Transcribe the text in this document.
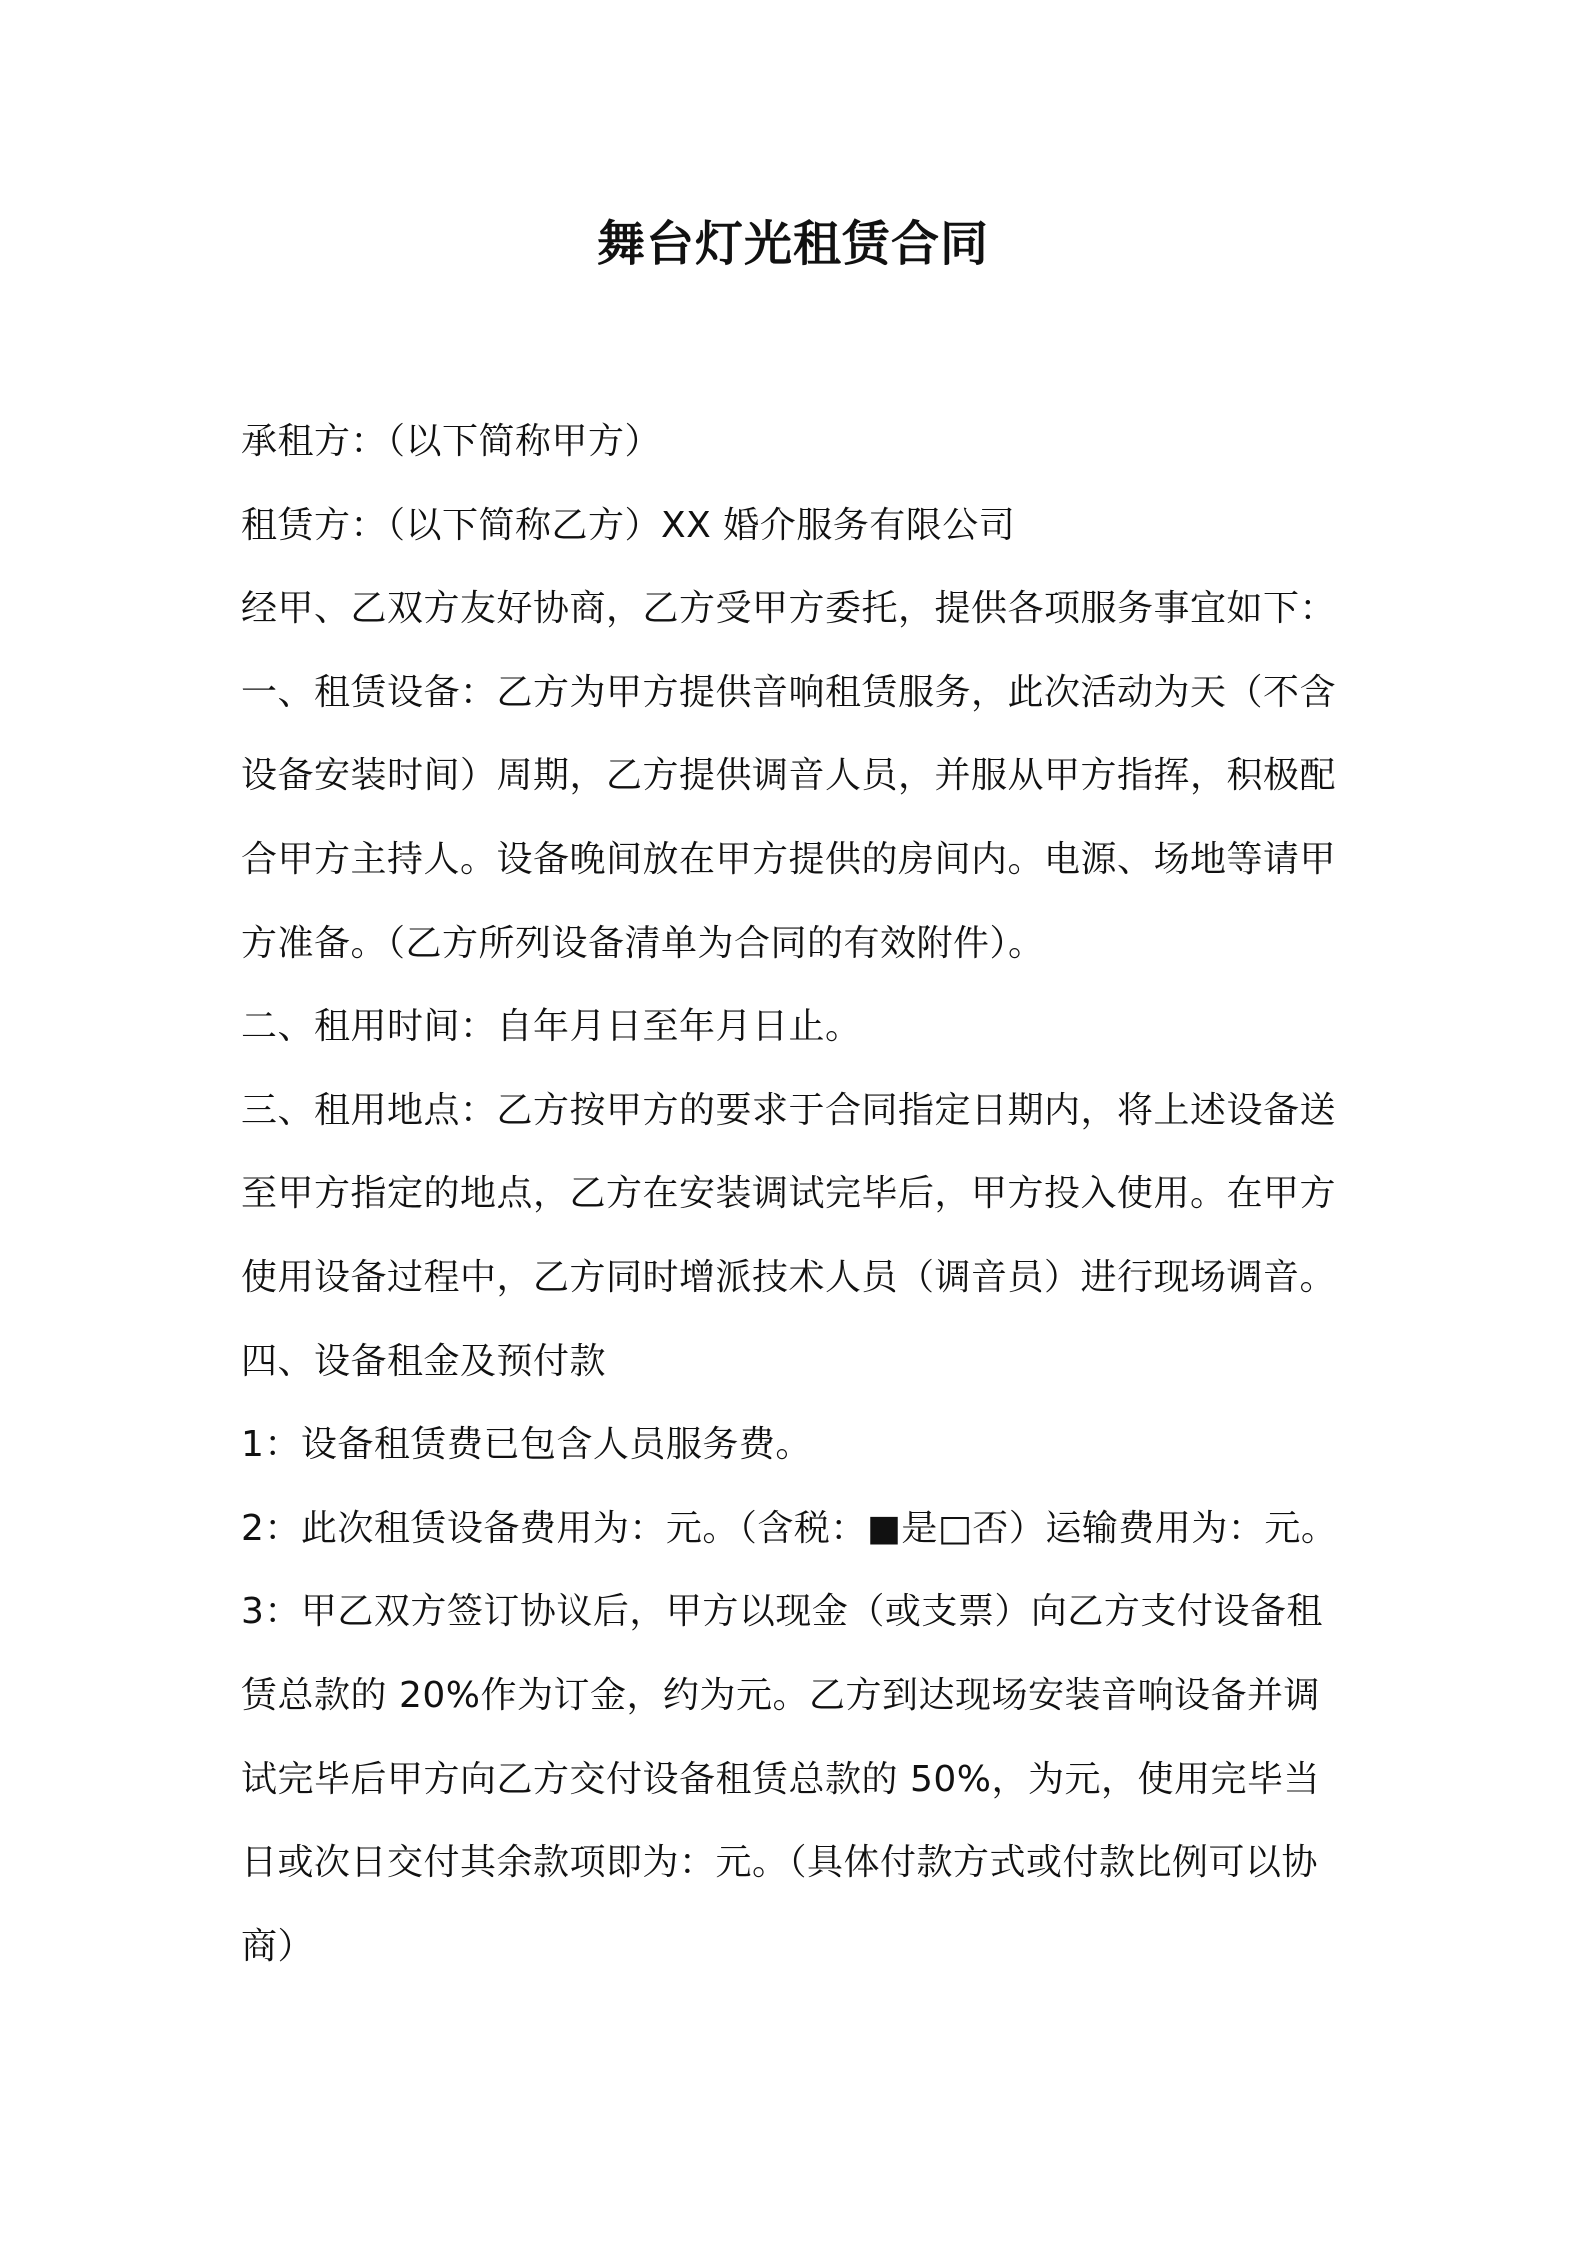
舞台灯光租赁合同
承租方：（以下简称甲方）
租赁方：（以下简称乙方）XX 婚介服务有限公司
经甲、乙双方友好协商，乙方受甲方委托，提供各项服务事宜如下：
一、租赁设备：乙方为甲方提供音响租赁服务，此次活动为天（不含
设备安装时间）周期，乙方提供调音人员，并服从甲方指挥，积极配
合甲方主持人。设备晚间放在甲方提供的房间内。电源、场地等请甲
方准备。（乙方所列设备清单为合同的有效附件）。
二、租用时间：自年月日至年月日止。
三、租用地点：乙方按甲方的要求于合同指定日期内，将上述设备送
至甲方指定的地点，乙方在安装调试完毕后，甲方投入使用。在甲方
使用设备过程中，乙方同时增派技术人员（调音员）进行现场调音。
四、设备租金及预付款
1：设备租赁费已包含人员服务费。
2：此次租赁设备费用为：元。（含税：■是□否）运输费用为：元。
3：甲乙双方签订协议后，甲方以现金（或支票）向乙方支付设备租
赁总款的 20%作为订金，约为元。乙方到达现场安装音响设备并调
试完毕后甲方向乙方交付设备租赁总款的 50%，为元，使用完毕当
日或次日交付其余款项即为：元。（具体付款方式或付款比例可以协
商）
